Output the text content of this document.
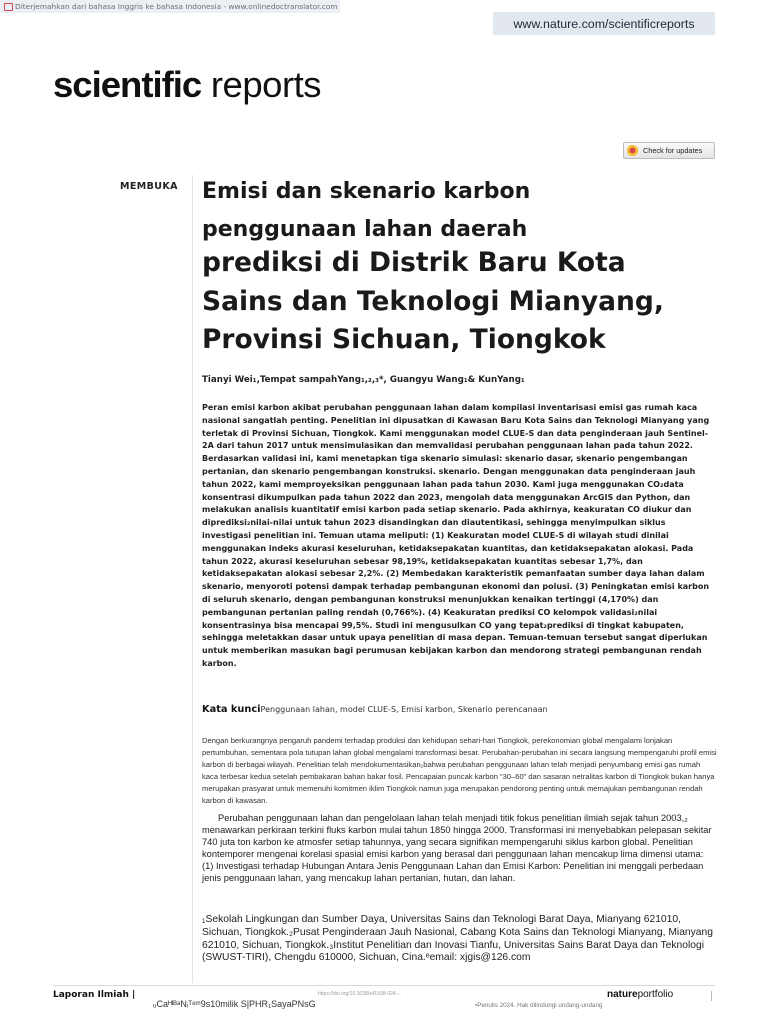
Diterjemahkan dari bahasa Inggris ke bahasa Indonesia - www.onlinedoctranslator.com
www.nature.com/scientificreports
scientific reports
Check for updates
MEMBUKA Emisi dan skenario karbon penggunaan lahan daerah
prediksi di Distrik Baru Kota Sains dan Teknologi Mianyang, Provinsi Sichuan, Tiongkok
Tianyi Wei₁,Tempat sampahYang₁,₂,₃*, Guangyu Wang₁& KunYang₁

Peran emisi karbon akibat perubahan penggunaan lahan dalam kompilasi inventarisasi emisi gas rumah kaca nasional sangatlah penting. Penelitian ini dipusatkan di Kawasan Baru Kota Sains dan Teknologi Mianyang yang terletak di Provinsi Sichuan, Tiongkok. Kami menggunakan model CLUE-S dan data penginderaan jauh Sentinel-2A dari tahun 2017 untuk mensimulasikan dan memvalidasi perubahan penggunaan lahan pada tahun 2022. Berdasarkan validasi ini, kami menetapkan tiga skenario simulasi: skenario dasar, skenario pengembangan pertanian, dan skenario pengembangan konstruksi. skenario. Dengan menggunakan data penginderaan jauh tahun 2022, kami memproyeksikan penggunaan lahan pada tahun 2030. Kami juga menggunakan CO₂data konsentrasi dikumpulkan pada tahun 2022 dan 2023, mengolah data menggunakan ArcGIS dan Python, dan melakukan analisis kuantitatif emisi karbon pada setiap skenario. Pada akhirnya, keakuratan CO diukur dan diprediksi₂nilai-nilai untuk tahun 2023 disandingkan dan diautentikasi, sehingga menyimpulkan siklus investigasi penelitian ini. Temuan utama meliputi: (1) Keakuratan model CLUE-S di wilayah studi dinilai menggunakan indeks akurasi keseluruhan, ketidaksepakatan kuantitas, dan ketidaksepakatan alokasi. Pada tahun 2022, akurasi keseluruhan sebesar 98,19%, ketidaksepakatan kuantitas sebesar 1,7%, dan ketidaksepakatan alokasi sebesar 2,2%. (2) Membedakan karakteristik pemanfaatan sumber daya lahan dalam skenario, menyoroti potensi dampak terhadap pembangunan ekonomi dan polusi. (3) Peningkatan emisi karbon di seluruh skenario, dengan pembangunan konstruksi menunjukkan kenaikan tertinggi (4,170%) dan pembangunan pertanian paling rendah (0,766%). (4) Keakuratan prediksi CO kelompok validasi₂nilai konsentrasinya bisa mencapai 99,5%. Studi ini mengusulkan CO yang tepat₂prediksi di tingkat kabupaten, sehingga meletakkan dasar untuk upaya penelitian di masa depan. Temuan-temuan tersebut sangat diperlukan untuk memberikan masukan bagi perumusan kebijakan karbon dan mendorong strategi pembangunan rendah karbon.

Kata kunciPenggunaan lahan, model CLUE-S, Emisi karbon, Skenario perencanaan

Dengan berkurangnya pengaruh pandemi terhadap produksi dan kehidupan sehari-hari Tiongkok, perekonomian global mengalami lonjakan pertumbuhan, sementara pola tutupan lahan global mengalami transformasi besar. Perubahan-perubahan ini secara langsung mempengaruhi profil emisi karbon di berbagai wilayah. Penelitian telah mendokumentasikan₁bahwa perubahan penggunaan lahan telah menjadi penyumbang emisi gas rumah kaca terbesar kedua setelah pembakaran bahan bakar fosil. Pencapaian puncak karbon “30–60” dan sasaran netralitas karbon di Tiongkok bukan hanya merupakan prasyarat untuk memenuhi komitmen iklim Tiongkok namun juga merupakan pendorong penting untuk memajukan pembangunan rendah karbon di kawasan.

Perubahan penggunaan lahan dan pengelolaan lahan telah menjadi titik fokus penelitian ilmiah sejak tahun 2003,₂ menawarkan perkiraan terkini fluks karbon mulai tahun 1850 hingga 2000. Transformasi ini menyebabkan pelepasan sekitar 740 juta ton karbon ke atmosfer setiap tahunnya, yang secara signifikan mempengaruhi siklus karbon global. Penelitian kontemporer mengenai korelasi spasial emisi karbon yang berasal dari penggunaan lahan mencakup lima dimensi utama: (1) Investigasi terhadap Hubungan Antara Jenis Penggunaan Lahan dan Emisi Karbon: Penelitian ini menggali perbedaan jenis penggunaan lahan, yang mencakup lahan pertanian, hutan, dan lahan.

₁Sekolah Lingkungan dan Sumber Daya, Universitas Sains dan Teknologi Barat Daya, Mianyang 621010, Sichuan, Tiongkok.₂Pusat Penginderaan Jauh Nasional, Cabang Kota Sains dan Teknologi Mianyang, Mianyang 621010, Sichuan, Tiongkok.₃Institut Penelitian dan Inovasi Tianfu, Universitas Sains Barat Daya dan Teknologi (SWUST-TIRI), Chengdu 610000, Sichuan, Cina.ᵉemail: xjgis@126.com

Laporan Ilmiah |
ᵤCaᴴᴵᴮᵃNᵢᵀᵉᵐ9s10milik S|PHR₁SayaPNsG
https://doi.org/10.1038/s41598-024-...
•Penulis 2024. Hak dilindungi undang-undang
natureportfolio
